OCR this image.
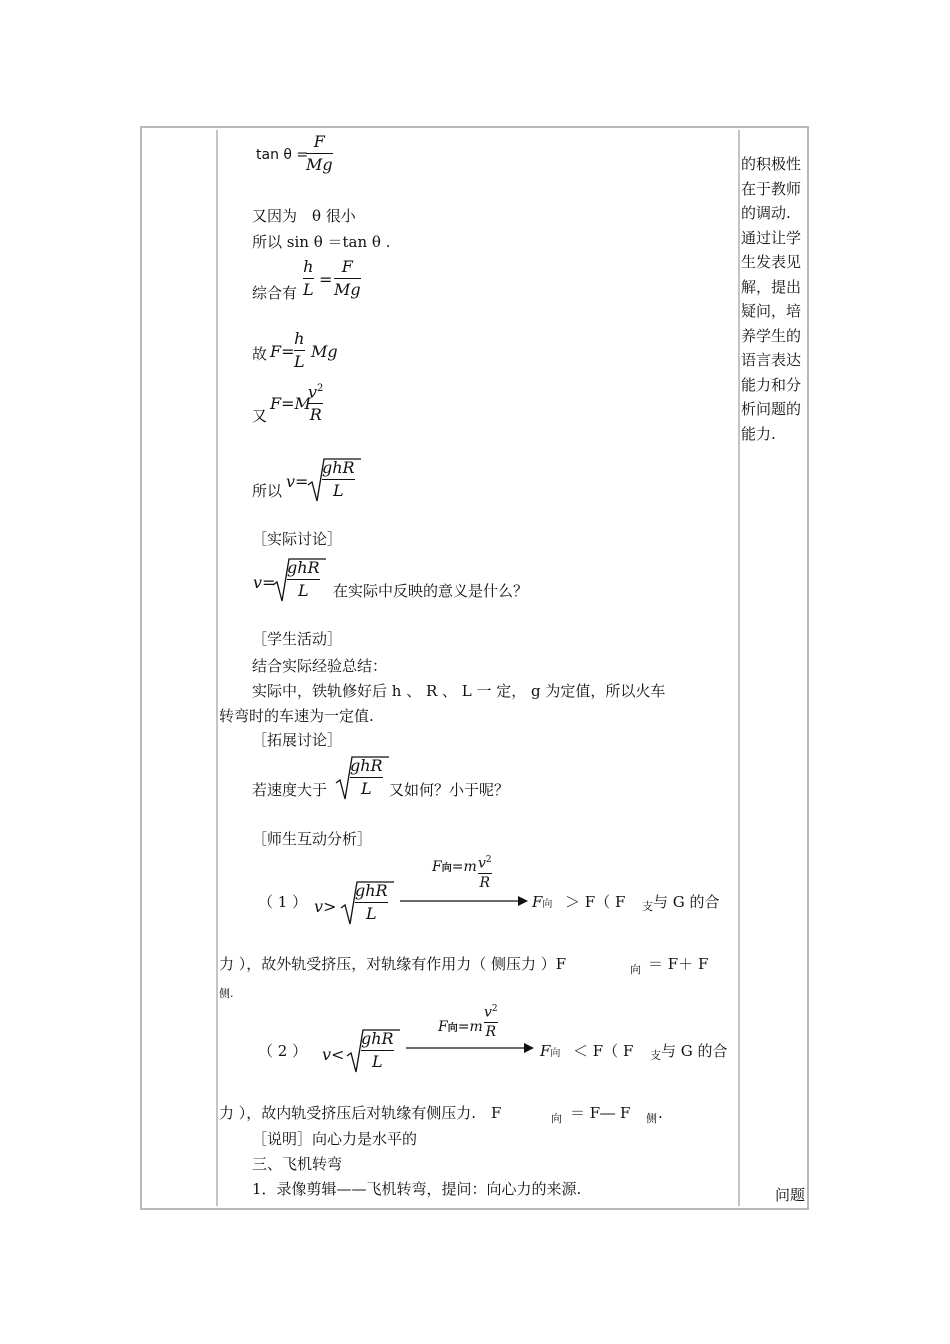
tan θ =
F
Mg
又因为　θ 很小
所以 sin θ ＝tan θ .
综合有
h
L
=
F
Mg
故 F=
h
L
Mg
又
F=M
$v^2$
R
所以 v=
ghR
L
［实际讨论］
v=
ghR
L 在实际中反映的意义是什么？
［学生活动］
结合实际经验总结：
实际中，铁轨修好后 h 、 R 、 L 一 定， g 为定值，所以火车
转弯时的车速为一定值.
［拓展讨论］
若速度大于
ghR
L 又如何？小于呢？
［师生互动分析］
（ 1 ） v>
ghR
L
F向=m $v^2$
R
F向 ＞ F（ F 支 与 G 的合
力 ），故外轨受挤压，对轨缘有作用力（ 侧压力 ）F	向 ＝ F＋ F
侧.
（ 2 ） v<
ghR
L
F向=m
$v^2$
R
F向 ＜ F（ F 支 与 G 的合
力 ），故内轨受挤压后对轨缘有侧压力.　F	向 ＝ F― F 侧 .
［说明］向心力是水平的
三、飞机转弯
1．录像剪辑——飞机转弯，提问：向心力的来源.
的积极性
在于教师
的调动.
通过让学
生发表见
解，提出
疑问，培
养学生的
语言表达
能力和分
析问题的
能力.
问题
